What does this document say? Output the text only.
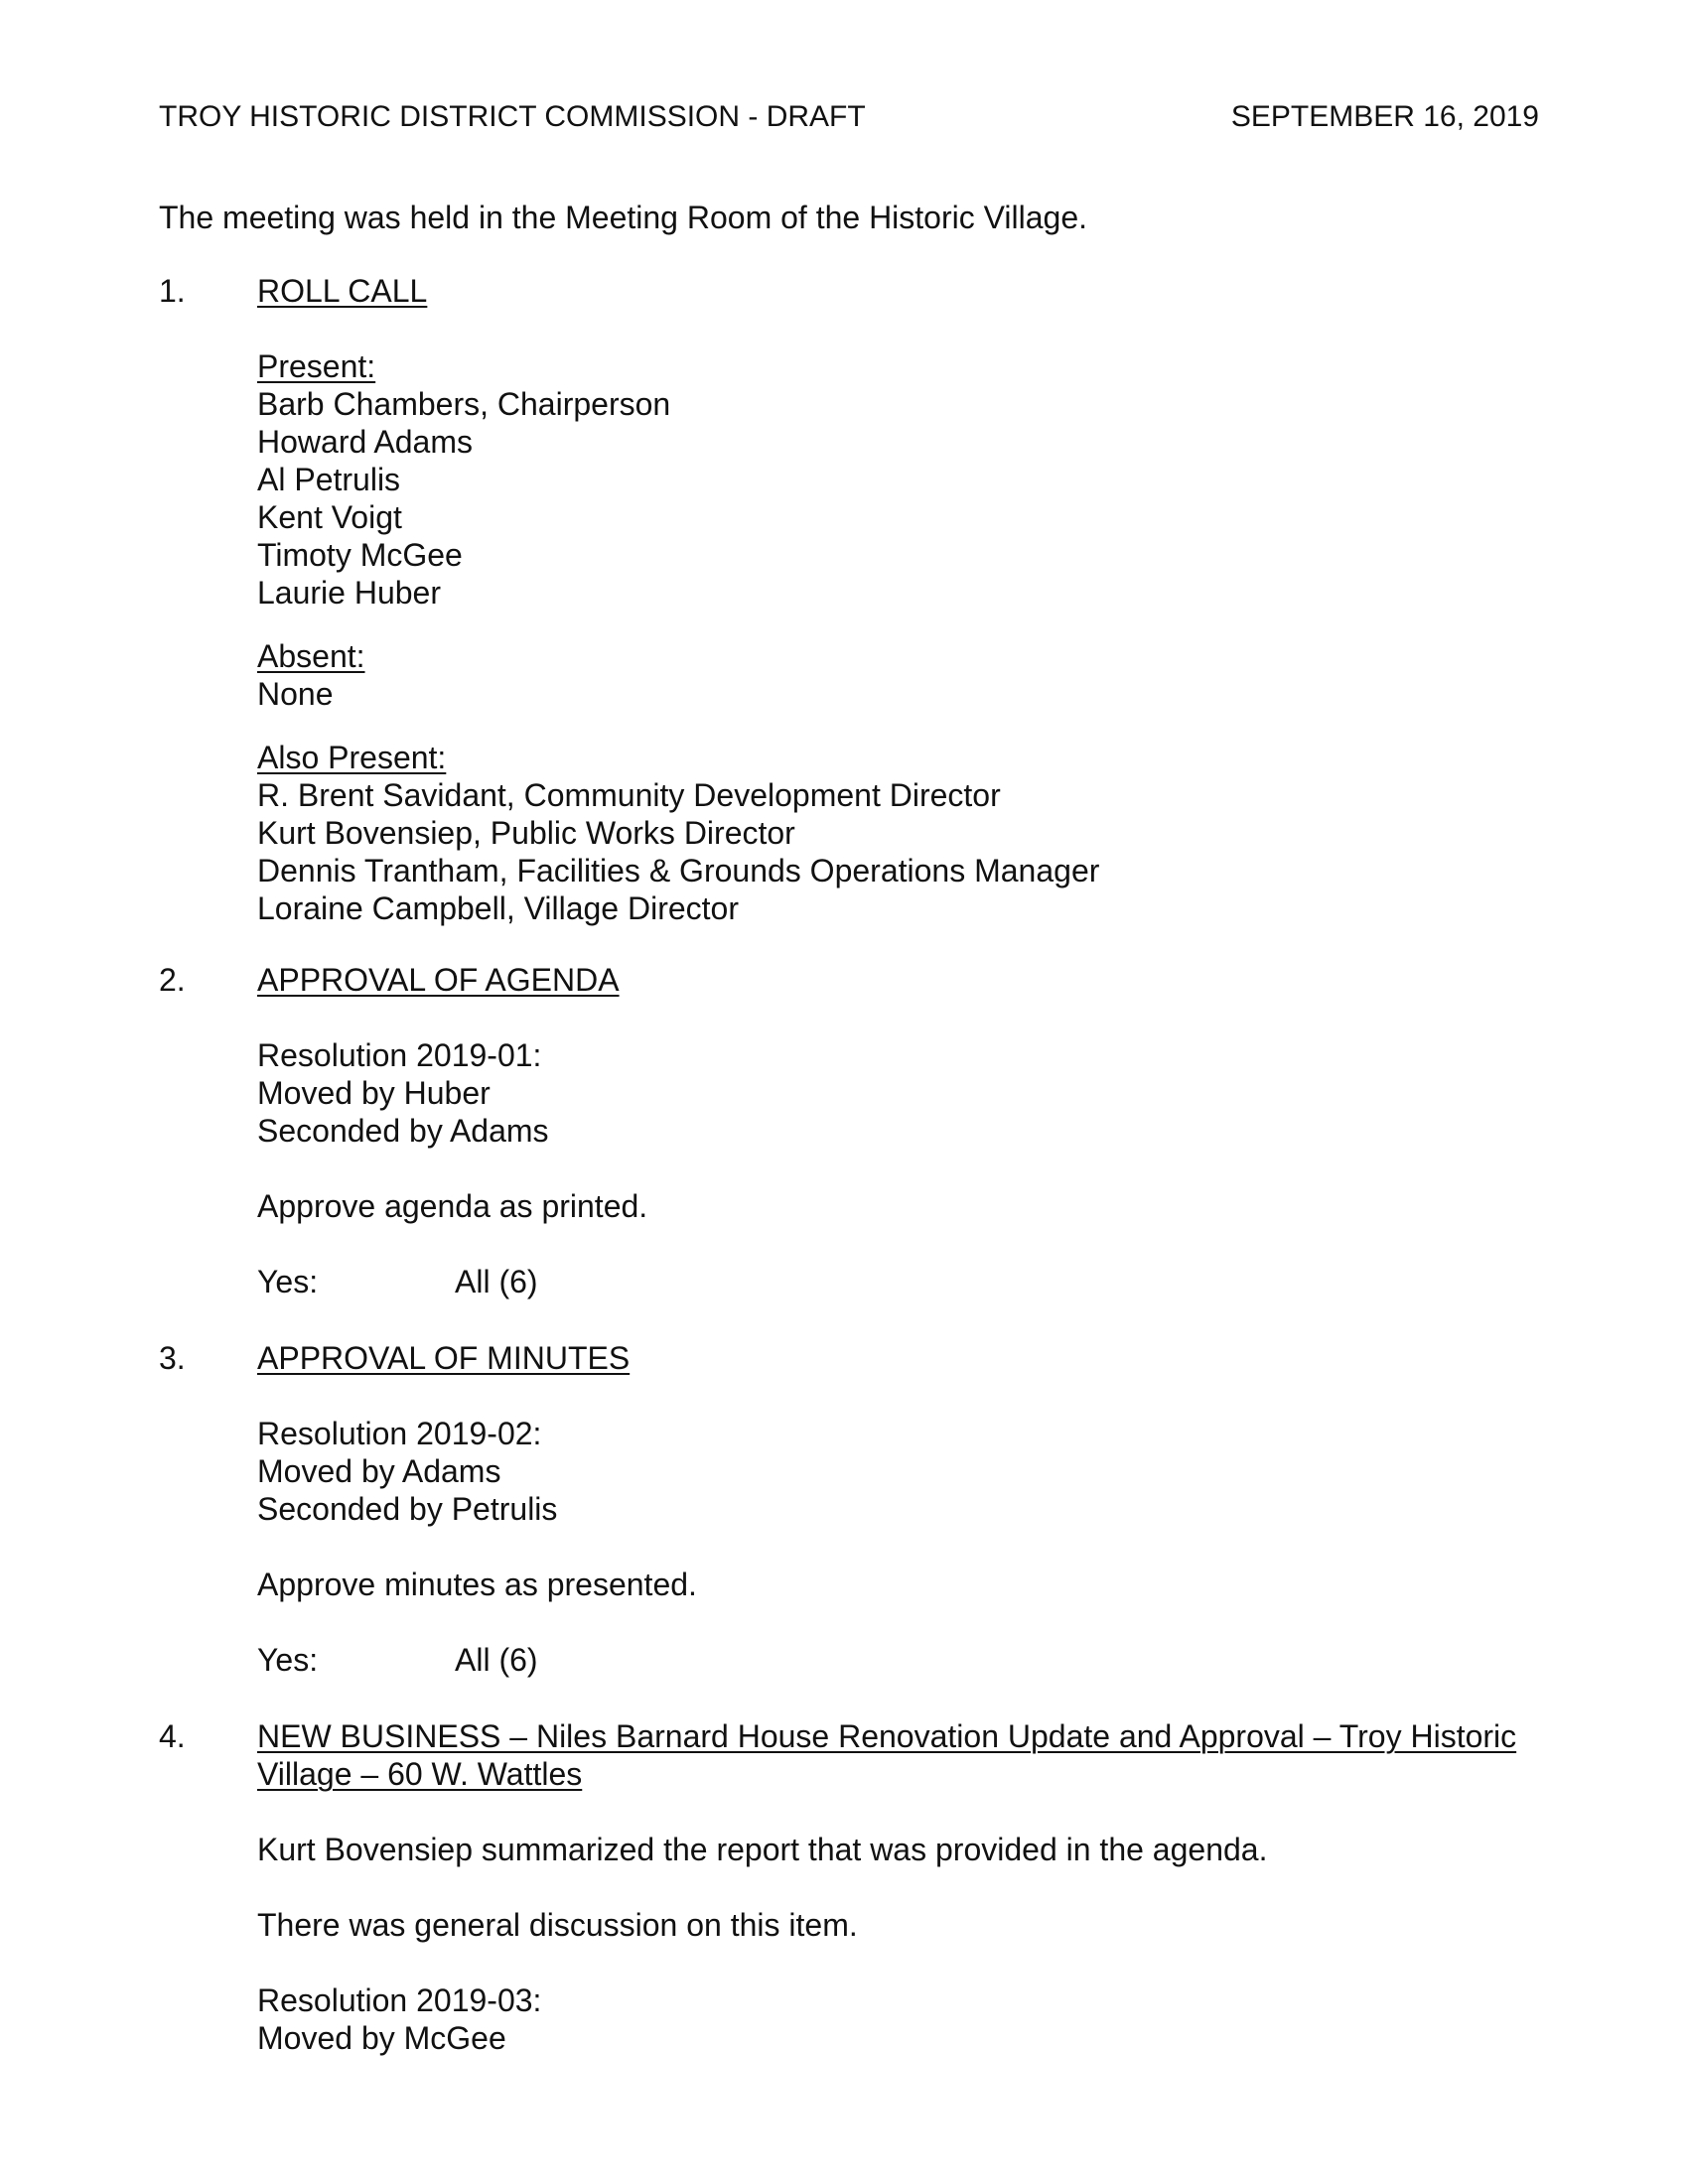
TROY HISTORIC DISTRICT COMMISSION - DRAFT	SEPTEMBER 16, 2019
The meeting was held in the Meeting Room of the Historic Village.
1.	ROLL CALL
Present:
Barb Chambers, Chairperson
Howard Adams
Al Petrulis
Kent Voigt
Timoty McGee
Laurie Huber
Absent:
None
Also Present:
R. Brent Savidant, Community Development Director
Kurt Bovensiep, Public Works Director
Dennis Trantham, Facilities & Grounds Operations Manager
Loraine Campbell, Village Director
2.	APPROVAL OF AGENDA
Resolution 2019-01:
Moved by Huber
Seconded by Adams
Approve agenda as printed.
Yes:	All (6)
3.	APPROVAL OF MINUTES
Resolution 2019-02:
Moved by Adams
Seconded by Petrulis
Approve minutes as presented.
Yes:	All (6)
4.	NEW BUSINESS – Niles Barnard House Renovation Update and Approval – Troy Historic
Village – 60 W. Wattles
Kurt Bovensiep summarized the report that was provided in the agenda.
There was general discussion on this item.
Resolution 2019-03:
Moved by McGee
